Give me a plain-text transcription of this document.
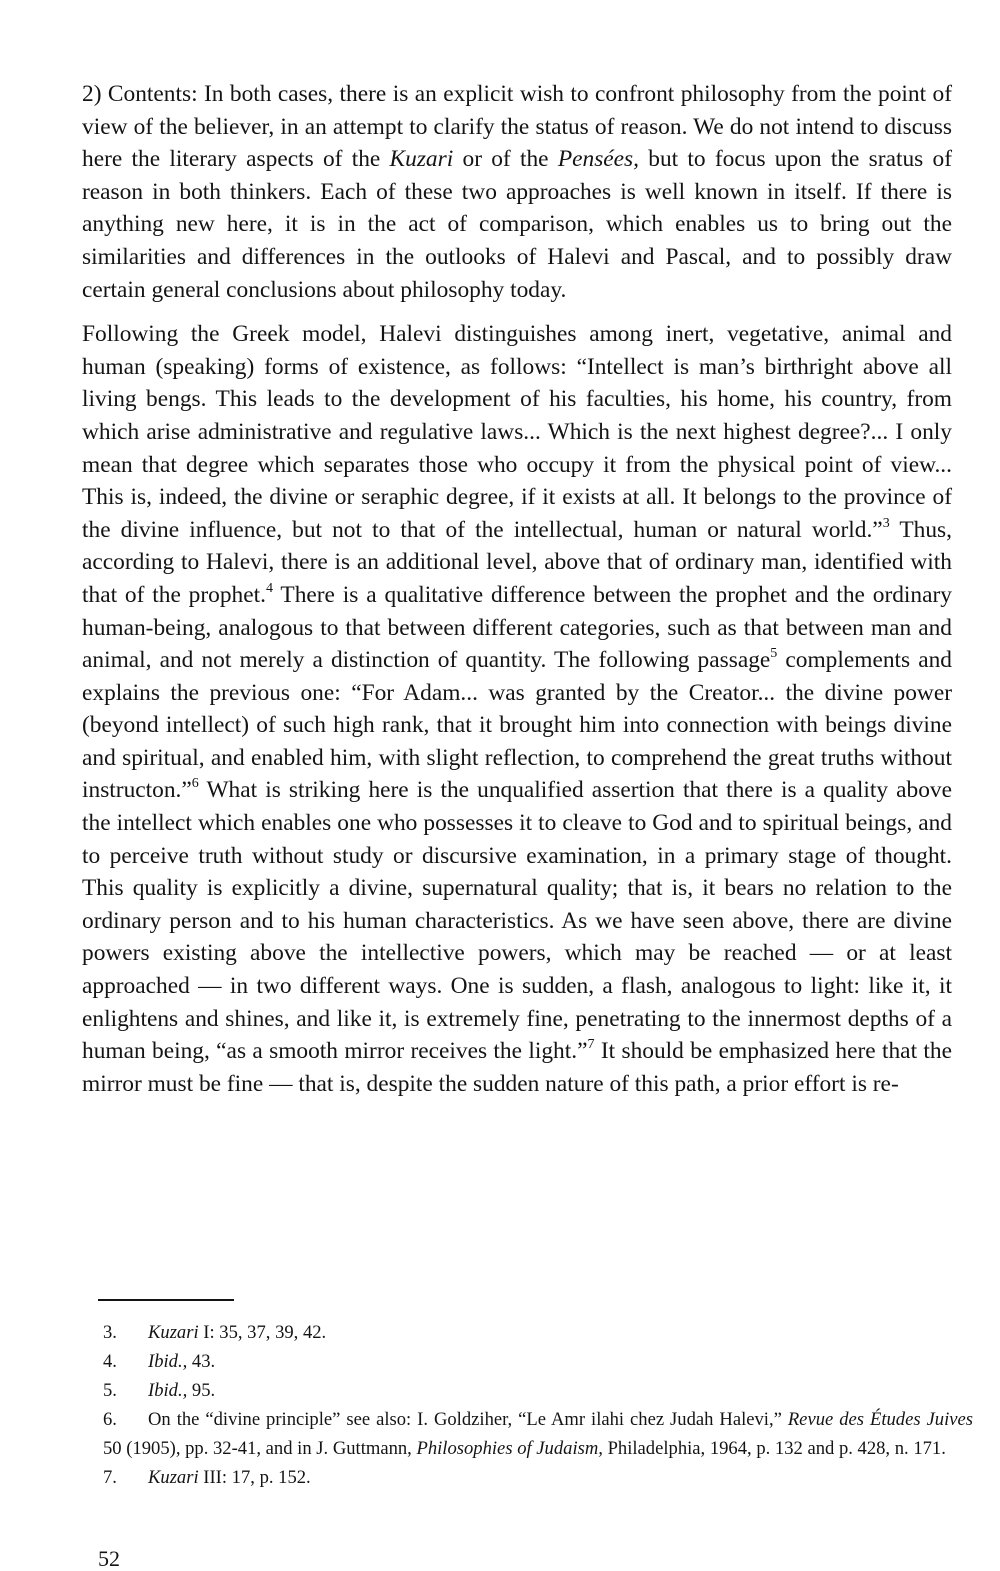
2) Contents: In both cases, there is an explicit wish to confront philosophy from the point of view of the believer, in an attempt to clarify the status of reason. We do not intend to discuss here the literary aspects of the Kuzari or of the Pensées, but to focus upon the sratus of reason in both thinkers. Each of these two approaches is well known in itself. If there is anything new here, it is in the act of comparison, which enables us to bring out the similarities and differences in the outlooks of Halevi and Pascal, and to possibly draw certain general conclusions about philosophy today.

Following the Greek model, Halevi distinguishes among inert, vegetative, animal and human (speaking) forms of existence, as follows: “Intellect is man’s birthright above all living bengs. This leads to the development of his faculties, his home, his country, from which arise administrative and regulative laws... Which is the next highest degree?... I only mean that degree which separates those who occupy it from the physical point of view... This is, indeed, the divine or seraphic degree, if it exists at all. It belongs to the province of the divine influence, but not to that of the intellectual, human or natural world.”$^3$ Thus, according to Halevi, there is an additional level, above that of ordinary man, identified with that of the prophet.$^4$ There is a qualitative difference between the prophet and the ordinary human-being, analogous to that between different categories, such as that between man and animal, and not merely a distinction of quantity. The following passage$^5$ complements and explains the previous one: “For Adam... was granted by the Creator... the divine power (beyond intellect) of such high rank, that it brought him into connection with beings divine and spiritual, and enabled him, with slight reflection, to comprehend the great truths without instructon.”$^6$ What is striking here is the unqualified assertion that there is a quality above the intellect which enables one who possesses it to cleave to God and to spiritual beings, and to perceive truth without study or discursive examination, in a primary stage of thought. This quality is explicitly a divine, supernatural quality; that is, it bears no relation to the ordinary person and to his human characteristics. As we have seen above, there are divine powers existing above the intellective powers, which may be reached — or at least approached — in two different ways. One is sudden, a flash, analogous to light: like it, it enlightens and shines, and like it, is extremely fine, penetrating to the innermost depths of a human being, “as a smooth mirror receives the light.”$^7$ It should be emphasized here that the mirror must be fine — that is, despite the sudden nature of this path, a prior effort is re-

3. Kuzari I: 35, 37, 39, 42.

4. Ibid., 43.

5. Ibid., 95.

6. On the “divine principle” see also: I. Goldziher, “Le Amr ilahi chez Judah Halevi,” Revue des Études Juives 50 (1905), pp. 32-41, and in J. Guttmann, Philosophies of Judaism, Philadelphia, 1964, p. 132 and p. 428, n. 171.

7. Kuzari III: 17, p. 152.

52
